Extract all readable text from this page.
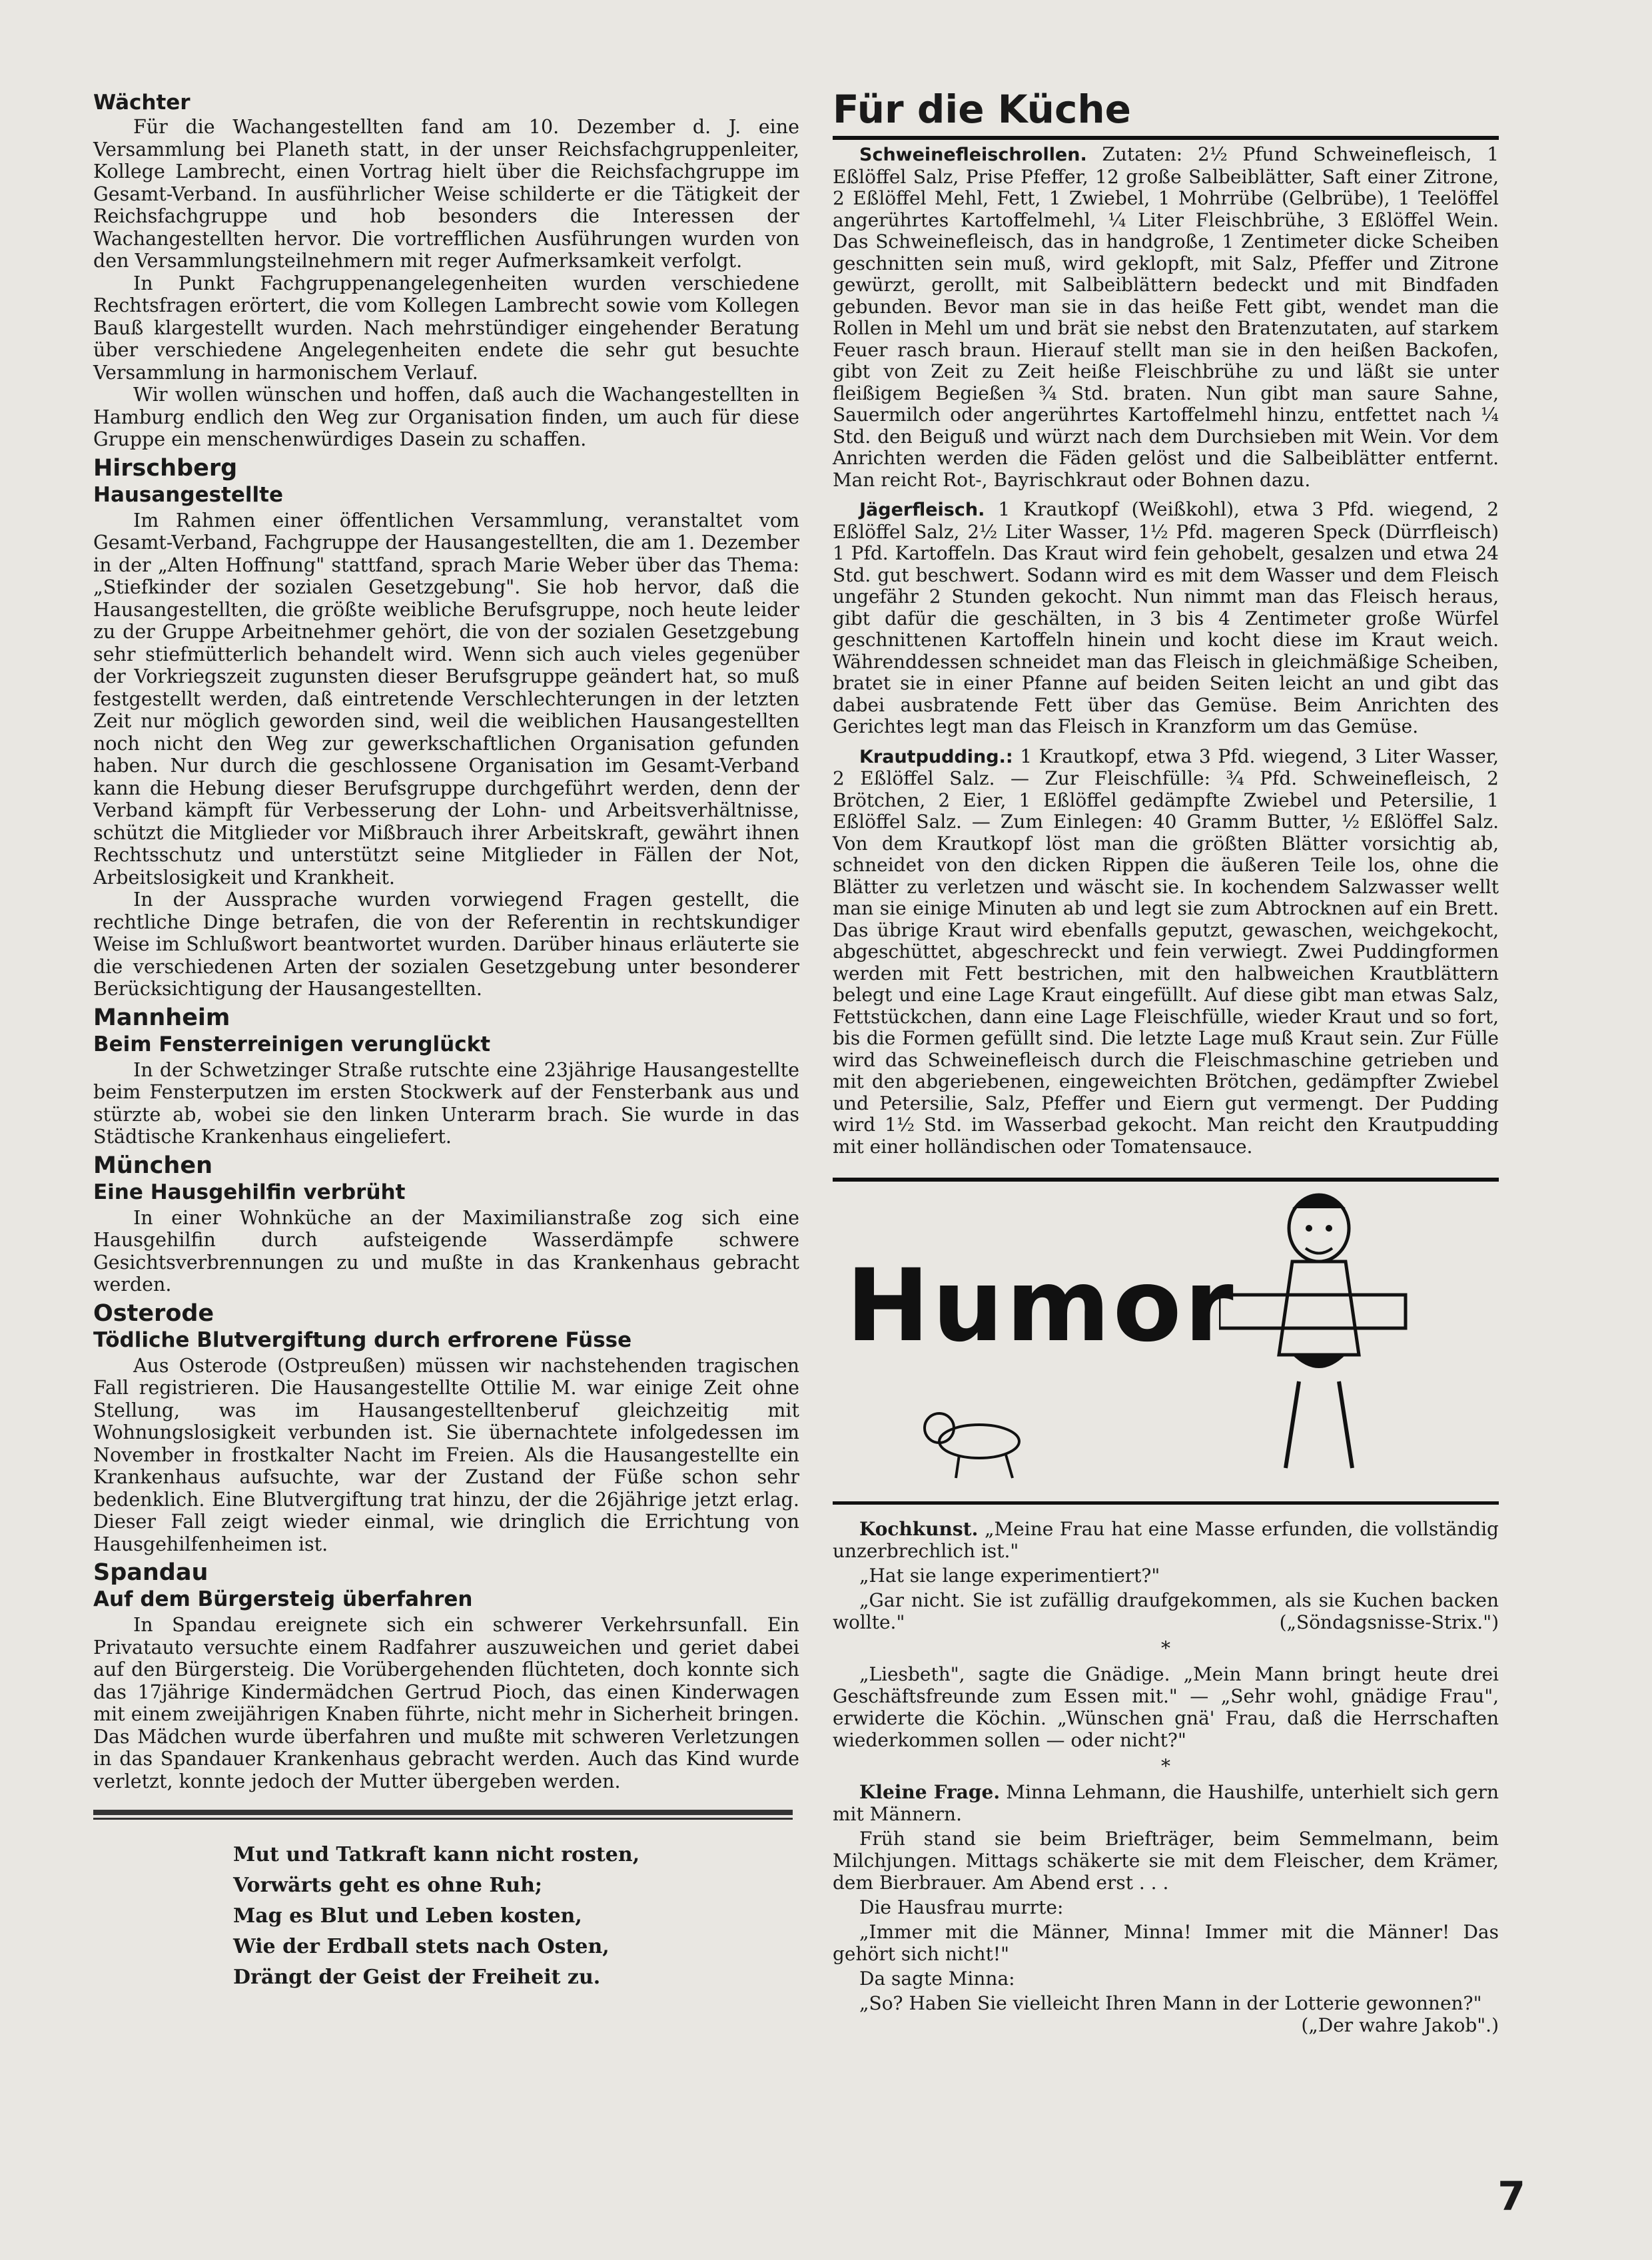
Wächter

Für die Wachangestellten fand am 10. Dezember d. J. eine Versammlung bei Planeth statt, in der unser Reichsfachgruppenleiter, Kollege Lambrecht, einen Vortrag hielt über die Reichsfachgruppe im Gesamt-Verband. In ausführlicher Weise schilderte er die Tätigkeit der Reichsfachgruppe und hob besonders die Interessen der Wachangestellten hervor. Die vortrefflichen Ausführungen wurden von den Versammlungsteilnehmern mit reger Aufmerksamkeit verfolgt.

In Punkt Fachgruppenangelegenheiten wurden verschiedene Rechtsfragen erörtert, die vom Kollegen Lambrecht sowie vom Kollegen Bauß klargestellt wurden. Nach mehrstündiger eingehender Beratung über verschiedene Angelegenheiten endete die sehr gut besuchte Versammlung in harmonischem Verlauf.

Wir wollen wünschen und hoffen, daß auch die Wachangestellten in Hamburg endlich den Weg zur Organisation finden, um auch für diese Gruppe ein menschenwürdiges Dasein zu schaffen.

Hirschberg
Hausangestellte

Im Rahmen einer öffentlichen Versammlung, veranstaltet vom Gesamt-Verband, Fachgruppe der Hausangestellten, die am 1. Dezember in der „Alten Hoffnung" stattfand, sprach Marie Weber über das Thema: „Stiefkinder der sozialen Gesetzgebung". Sie hob hervor, daß die Hausangestellten, die größte weibliche Berufsgruppe, noch heute leider zu der Gruppe Arbeitnehmer gehört, die von der sozialen Gesetzgebung sehr stiefmütterlich behandelt wird. Wenn sich auch vieles gegenüber der Vorkriegszeit zugunsten dieser Berufsgruppe geändert hat, so muß festgestellt werden, daß eintretende Verschlechterungen in der letzten Zeit nur möglich geworden sind, weil die weiblichen Hausangestellten noch nicht den Weg zur gewerkschaftlichen Organisation gefunden haben. Nur durch die geschlossene Organisation im Gesamt-Verband kann die Hebung dieser Berufsgruppe durchgeführt werden, denn der Verband kämpft für Verbesserung der Lohn- und Arbeitsverhältnisse, schützt die Mitglieder vor Mißbrauch ihrer Arbeitskraft, gewährt ihnen Rechtsschutz und unterstützt seine Mitglieder in Fällen der Not, Arbeitslosigkeit und Krankheit.

In der Aussprache wurden vorwiegend Fragen gestellt, die rechtliche Dinge betrafen, die von der Referentin in rechtskundiger Weise im Schlußwort beantwortet wurden. Darüber hinaus erläuterte sie die verschiedenen Arten der sozialen Gesetzgebung unter besonderer Berücksichtigung der Hausangestellten.

Mannheim
Beim Fensterreinigen verunglückt

In der Schwetzinger Straße rutschte eine 23jährige Hausangestellte beim Fensterputzen im ersten Stockwerk auf der Fensterbank aus und stürzte ab, wobei sie den linken Unterarm brach. Sie wurde in das Städtische Krankenhaus eingeliefert.

München
Eine Hausgehilfin verbrüht

In einer Wohnküche an der Maximilianstraße zog sich eine Hausgehilfin durch aufsteigende Wasserdämpfe schwere Gesichtsverbrennungen zu und mußte in das Krankenhaus gebracht werden.

Osterode
Tödliche Blutvergiftung durch erfrorene Füsse

Aus Osterode (Ostpreußen) müssen wir nachstehenden tragischen Fall registrieren. Die Hausangestellte Ottilie M. war einige Zeit ohne Stellung, was im Hausangestelltenberuf gleichzeitig mit Wohnungslosigkeit verbunden ist. Sie übernachtete infolgedessen im November in frostkalter Nacht im Freien. Als die Hausangestellte ein Krankenhaus aufsuchte, war der Zustand der Füße schon sehr bedenklich. Eine Blutvergiftung trat hinzu, der die 26jährige jetzt erlag. Dieser Fall zeigt wieder einmal, wie dringlich die Errichtung von Hausgehilfenheimen ist.

Spandau
Auf dem Bürgersteig überfahren

In Spandau ereignete sich ein schwerer Verkehrsunfall. Ein Privatauto versuchte einem Radfahrer auszuweichen und geriet dabei auf den Bürgersteig. Die Vorübergehenden flüchteten, doch konnte sich das 17jährige Kindermädchen Gertrud Pioch, das einen Kinderwagen mit einem zweijährigen Knaben führte, nicht mehr in Sicherheit bringen. Das Mädchen wurde überfahren und mußte mit schweren Verletzungen in das Spandauer Krankenhaus gebracht werden. Auch das Kind wurde verletzt, konnte jedoch der Mutter übergeben werden.

Mut und Tatkraft kann nicht rosten,
Vorwärts geht es ohne Ruh;
Mag es Blut und Leben kosten,
Wie der Erdball stets nach Osten,
Drängt der Geist der Freiheit zu.
Für die Küche

Schweinefleischrollen. Zutaten: 2½ Pfund Schweinefleisch, 1 Eßlöffel Salz, Prise Pfeffer, 12 große Salbeiblätter, Saft einer Zitrone, 2 Eßlöffel Mehl, Fett, 1 Zwiebel, 1 Mohrrübe (Gelbrübe), 1 Teelöffel angerührtes Kartoffelmehl, ¼ Liter Fleischbrühe, 3 Eßlöffel Wein. Das Schweinefleisch, das in handgroße, 1 Zentimeter dicke Scheiben geschnitten sein muß, wird geklopft, mit Salz, Pfeffer und Zitrone gewürzt, gerollt, mit Salbeiblättern bedeckt und mit Bindfaden gebunden. Bevor man sie in das heiße Fett gibt, wendet man die Rollen in Mehl um und brät sie nebst den Bratenzutaten, auf starkem Feuer rasch braun. Hierauf stellt man sie in den heißen Backofen, gibt von Zeit zu Zeit heiße Fleischbrühe zu und läßt sie unter fleißigem Begießen ¾ Std. braten. Nun gibt man saure Sahne, Sauermilch oder angerührtes Kartoffelmehl hinzu, entfettet nach ¼ Std. den Beiguß und würzt nach dem Durchsieben mit Wein. Vor dem Anrichten werden die Fäden gelöst und die Salbeiblätter entfernt. Man reicht Rot-, Bayrischkraut oder Bohnen dazu.

Jägerfleisch. 1 Krautkopf (Weißkohl), etwa 3 Pfd. wiegend, 2 Eßlöffel Salz, 2½ Liter Wasser, 1½ Pfd. mageren Speck (Dürrfleisch) 1 Pfd. Kartoffeln. Das Kraut wird fein gehobelt, gesalzen und etwa 24 Std. gut beschwert. Sodann wird es mit dem Wasser und dem Fleisch ungefähr 2 Stunden gekocht. Nun nimmt man das Fleisch heraus, gibt dafür die geschälten, in 3 bis 4 Zentimeter große Würfel geschnittenen Kartoffeln hinein und kocht diese im Kraut weich. Währenddessen schneidet man das Fleisch in gleichmäßige Scheiben, bratet sie in einer Pfanne auf beiden Seiten leicht an und gibt das dabei ausbratende Fett über das Gemüse. Beim Anrichten des Gerichtes legt man das Fleisch in Kranzform um das Gemüse.

Krautpudding.: 1 Krautkopf, etwa 3 Pfd. wiegend, 3 Liter Wasser, 2 Eßlöffel Salz. — Zur Fleischfülle: ¾ Pfd. Schweinefleisch, 2 Brötchen, 2 Eier, 1 Eßlöffel gedämpfte Zwiebel und Petersilie, 1 Eßlöffel Salz. — Zum Einlegen: 40 Gramm Butter, ½ Eßlöffel Salz. Von dem Krautkopf löst man die größten Blätter vorsichtig ab, schneidet von den dicken Rippen die äußeren Teile los, ohne die Blätter zu verletzen und wäscht sie. In kochendem Salzwasser wellt man sie einige Minuten ab und legt sie zum Abtrocknen auf ein Brett. Das übrige Kraut wird ebenfalls geputzt, gewaschen, weichgekocht, abgeschüttet, abgeschreckt und fein verwiegt. Zwei Puddingformen werden mit Fett bestrichen, mit den halbweichen Krautblättern belegt und eine Lage Kraut eingefüllt. Auf diese gibt man etwas Salz, Fettstückchen, dann eine Lage Fleischfülle, wieder Kraut und so fort, bis die Formen gefüllt sind. Die letzte Lage muß Kraut sein. Zur Fülle wird das Schweinefleisch durch die Fleischmaschine getrieben und mit den abgeriebenen, eingeweichten Brötchen, gedämpfter Zwiebel und Petersilie, Salz, Pfeffer und Eiern gut vermengt. Der Pudding wird 1½ Std. im Wasserbad gekocht. Man reicht den Krautpudding mit einer holländischen oder Tomatensauce.

Humor

Kochkunst. „Meine Frau hat eine Masse erfunden, die vollständig unzerbrechlich ist."

„Hat sie lange experimentiert?"

„Gar nicht. Sie ist zufällig draufgekommen, als sie Kuchen backen wollte."	(„Söndagsnisse-Strix.")

*

„Liesbeth", sagte die Gnädige. „Mein Mann bringt heute drei Geschäftsfreunde zum Essen mit." — „Sehr wohl, gnädige Frau", erwiderte die Köchin. „Wünschen gnä' Frau, daß die Herrschaften wiederkommen sollen — oder nicht?"

*

Kleine Frage. Minna Lehmann, die Haushilfe, unterhielt sich gern mit Männern.

Früh stand sie beim Briefträger, beim Semmelmann, beim Milchjungen. Mittags schäkerte sie mit dem Fleischer, dem Krämer, dem Bierbrauer. Am Abend erst . . .

Die Hausfrau murrte:

„Immer mit die Männer, Minna! Immer mit die Männer! Das gehört sich nicht!"

Da sagte Minna:

„So? Haben Sie vielleicht Ihren Mann in der Lotterie gewonnen?"
(„Der wahre Jakob".)

7
